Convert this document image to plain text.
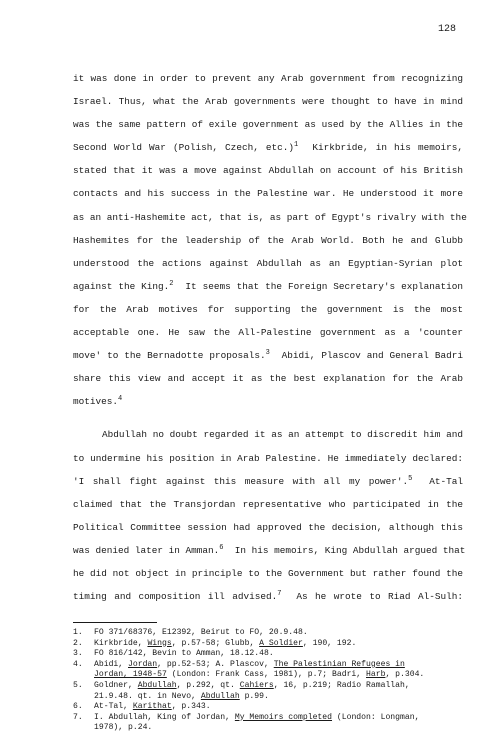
128
it was done in order to prevent any Arab government from recognizing
Israel. Thus, what the Arab governments were thought to have in mind
was the same pattern of exile government as used by the Allies in the
Second World War (Polish, Czech, etc.)$^1$  Kirkbride, in his memoirs,
stated that it was a move against Abdullah on account of his British
contacts and his success in the Palestine war. He understood it more
as an anti-Hashemite act, that is, as part of Egypt's rivalry with the
Hashemites for the leadership of the Arab World. Both he and Glubb
understood the actions against Abdullah as an Egyptian-Syrian plot
against the King.$^2$  It seems that the Foreign Secretary's explanation
for the Arab motives for supporting the government is the most
acceptable one. He saw the All-Palestine government as a 'counter
move' to the Bernadotte proposals.$^3$  Abidi, Plascov and General Badri
share this view and accept it as the best explanation for the Arab
motives.$^4$
Abdullah no doubt regarded it as an attempt to discredit him and
to undermine his position in Arab Palestine. He immediately declared:
'I shall fight against this measure with all my power'.$^5$  At-Tal
claimed that the Transjordan representative who participated in the
Political Committee session had approved the decision, although this
was denied later in Amman.$^6$  In his memoirs, King Abdullah argued that
he did not object in principle to the Government but rather found the
timing and composition ill advised.$^7$  As he wrote to Riad Al-Sulh:
1.	FO 371/68376, E12392, Beirut to FO, 20.9.48.
2.	Kirkbride, Wings, p.57-58; Glubb, A Soldier, 190, 192.
3.	FO 816/142, Bevin to Amman, 18.12.48.
4.	Abidi, Jordan, pp.52-53; A. Plascov, The Palestinian Refugees in
Jordan, 1948-57 (London: Frank Cass, 1981), p.7; Badri, Harb, p.304.
5.	Goldner, Abdullah, p.292, qt. Cahiers, 16, p.219; Radio Ramallah,
21.9.48. qt. in Nevo, Abdullah p.99.
6.	At-Tal, Karithat, p.343.
7.	I. Abdullah, King of Jordan, My Memoirs completed (London: Longman,
1978), p.24.
